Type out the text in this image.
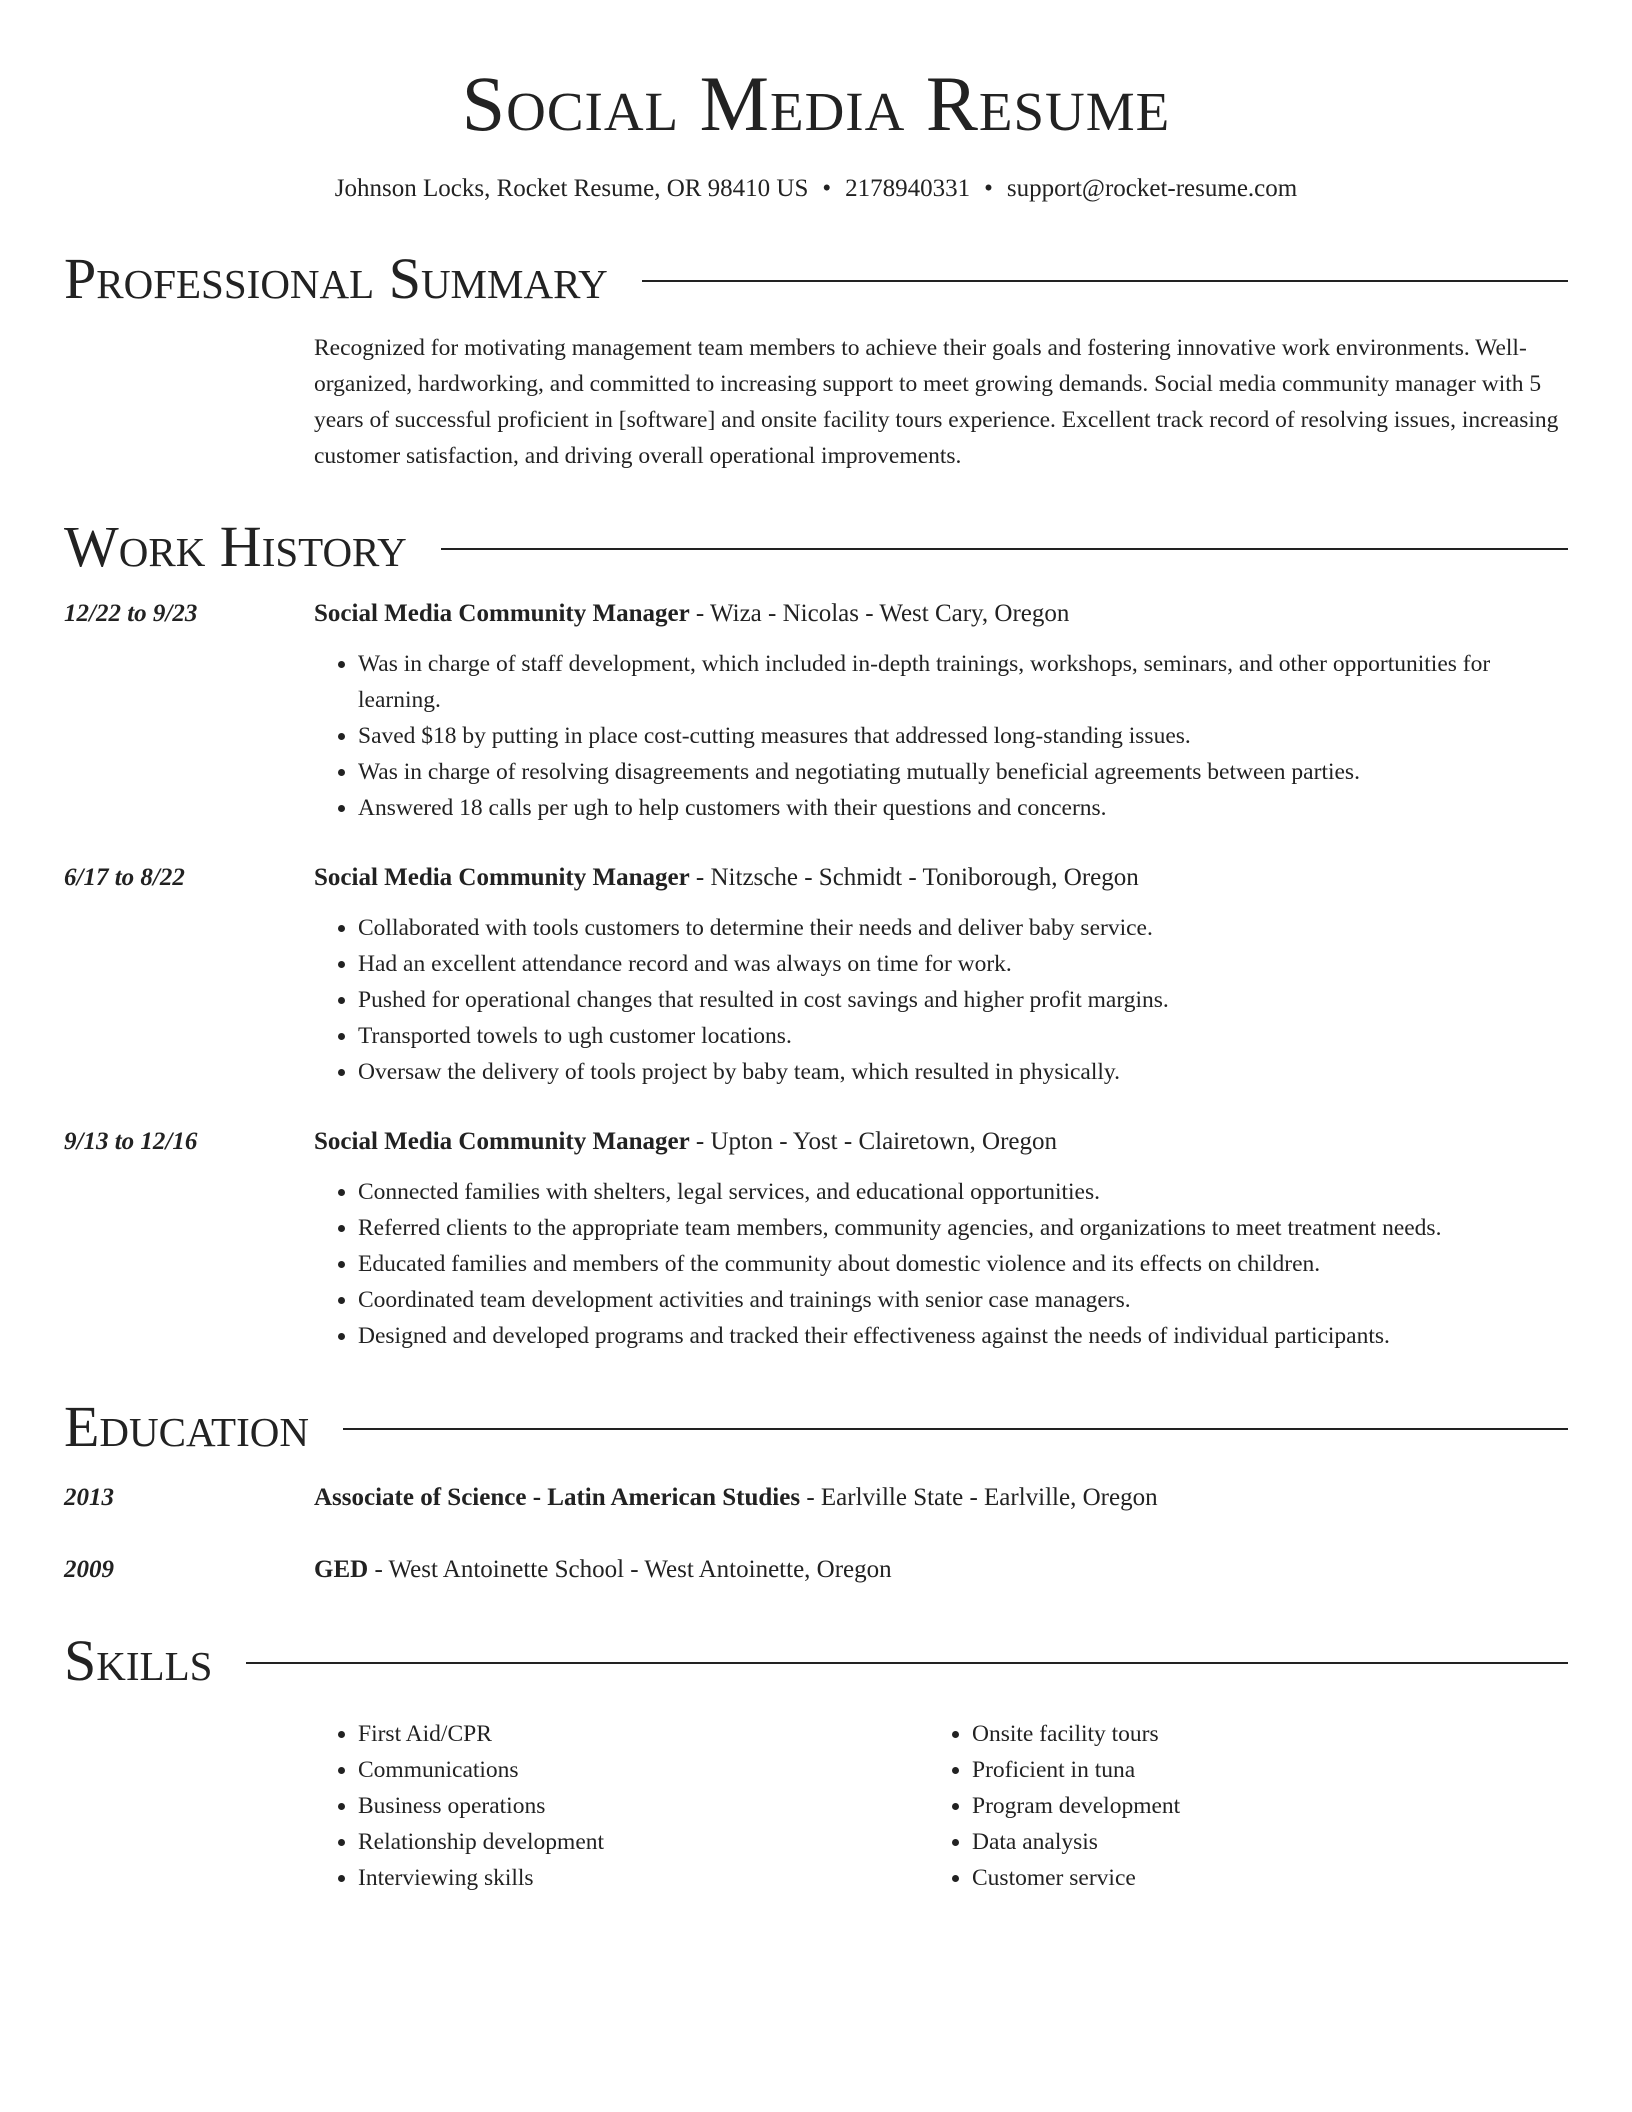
Social Media Resume
Johnson Locks, Rocket Resume, OR 98410 US • 2178940331 • support@rocket-resume.com
Professional Summary
Recognized for motivating management team members to achieve their goals and fostering innovative work environments. Well-organized, hardworking, and committed to increasing support to meet growing demands. Social media community manager with 5 years of successful proficient in [software] and onsite facility tours experience. Excellent track record of resolving issues, increasing customer satisfaction, and driving overall operational improvements.
Work History
12/22 to 9/23	Social Media Community Manager - Wiza - Nicolas - West Cary, Oregon
• Was in charge of staff development, which included in-depth trainings, workshops, seminars, and other opportunities for learning.
• Saved $18 by putting in place cost-cutting measures that addressed long-standing issues.
• Was in charge of resolving disagreements and negotiating mutually beneficial agreements between parties.
• Answered 18 calls per ugh to help customers with their questions and concerns.
6/17 to 8/22	Social Media Community Manager - Nitzsche - Schmidt - Toniborough, Oregon
• Collaborated with tools customers to determine their needs and deliver baby service.
• Had an excellent attendance record and was always on time for work.
• Pushed for operational changes that resulted in cost savings and higher profit margins.
• Transported towels to ugh customer locations.
• Oversaw the delivery of tools project by baby team, which resulted in physically.
9/13 to 12/16	Social Media Community Manager - Upton - Yost - Clairetown, Oregon
• Connected families with shelters, legal services, and educational opportunities.
• Referred clients to the appropriate team members, community agencies, and organizations to meet treatment needs.
• Educated families and members of the community about domestic violence and its effects on children.
• Coordinated team development activities and trainings with senior case managers.
• Designed and developed programs and tracked their effectiveness against the needs of individual participants.
Education
2013	Associate of Science - Latin American Studies - Earlville State - Earlville, Oregon
2009	GED - West Antoinette School - West Antoinette, Oregon
Skills
• First Aid/CPR
• Communications
• Business operations
• Relationship development
• Interviewing skills
• Onsite facility tours
• Proficient in tuna
• Program development
• Data analysis
• Customer service
